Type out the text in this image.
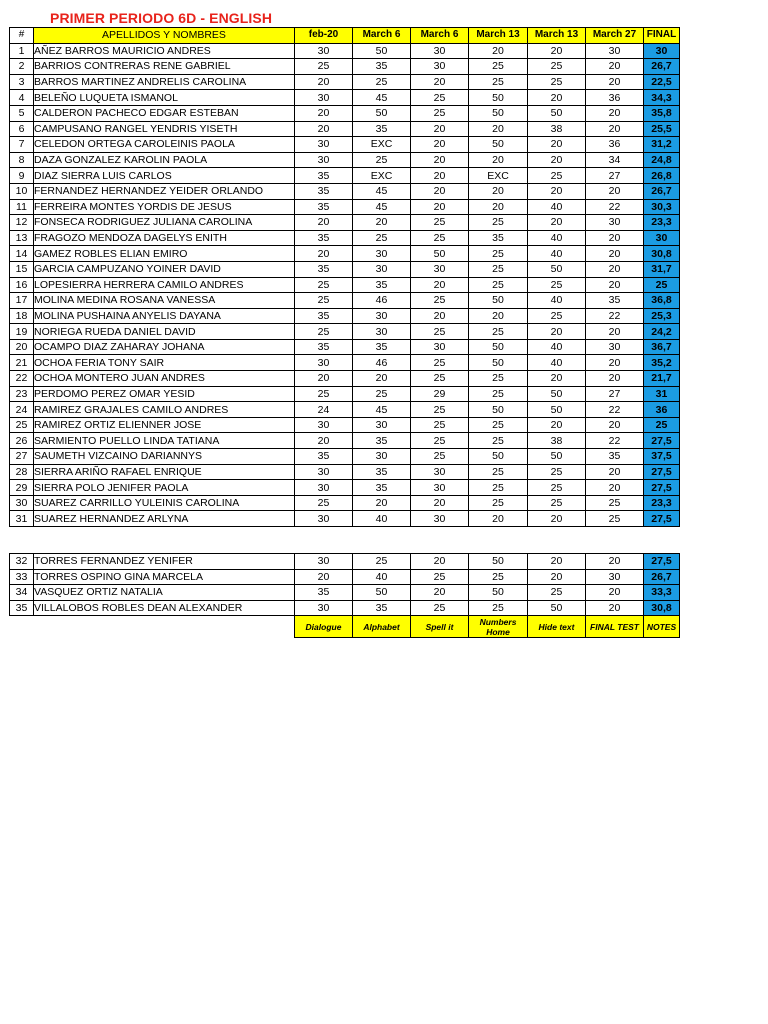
PRIMER PERIODO 6D - ENGLISH
#	APELLIDOS Y NOMBRES	feb-20	March 6	March 6	March 13	March 13	March 27	FINAL
1	AÑEZ BARROS MAURICIO ANDRES	30	50	30	20	20	30	30
2	BARRIOS CONTRERAS RENE GABRIEL	25	35	30	25	25	20	26,7
3	BARROS MARTINEZ ANDRELIS CAROLINA	20	25	20	25	25	20	22,5
4	BELEÑO LUQUETA ISMANOL	30	45	25	50	20	36	34,3
5	CALDERON PACHECO EDGAR ESTEBAN	20	50	25	50	50	20	35,8
6	CAMPUSANO RANGEL YENDRIS YISETH	20	35	20	20	38	20	25,5
7	CELEDON ORTEGA CAROLEINIS PAOLA	30	EXC	20	50	20	36	31,2
8	DAZA GONZALEZ KAROLIN PAOLA	30	25	20	20	20	34	24,8
9	DIAZ SIERRA LUIS CARLOS	35	EXC	20	EXC	25	27	26,8
10	FERNANDEZ HERNANDEZ YEIDER ORLANDO	35	45	20	20	20	20	26,7
11	FERREIRA MONTES YORDIS DE JESUS	35	45	20	20	40	22	30,3
12	FONSECA RODRIGUEZ JULIANA CAROLINA	20	20	25	25	20	30	23,3
13	FRAGOZO MENDOZA DAGELYS ENITH	35	25	25	35	40	20	30
14	GAMEZ ROBLES ELIAN EMIRO	20	30	50	25	40	20	30,8
15	GARCIA CAMPUZANO YOINER DAVID	35	30	30	25	50	20	31,7
16	LOPESIERRA HERRERA CAMILO ANDRES	25	35	20	25	25	20	25
17	MOLINA MEDINA ROSANA VANESSA	25	46	25	50	40	35	36,8
18	MOLINA PUSHAINA ANYELIS DAYANA	35	30	20	20	25	22	25,3
19	NORIEGA RUEDA DANIEL DAVID	25	30	25	25	20	20	24,2
20	OCAMPO DIAZ ZAHARAY JOHANA	35	35	30	50	40	30	36,7
21	OCHOA FERIA TONY SAIR	30	46	25	50	40	20	35,2
22	OCHOA MONTERO JUAN ANDRES	20	20	25	25	20	20	21,7
23	PERDOMO PEREZ OMAR YESID	25	25	29	25	50	27	31
24	RAMIREZ GRAJALES CAMILO ANDRES	24	45	25	50	50	22	36
25	RAMIREZ ORTIZ ELIENNER JOSE	30	30	25	25	20	20	25
26	SARMIENTO PUELLO LINDA TATIANA	20	35	25	25	38	22	27,5
27	SAUMETH VIZCAINO DARIANNYS	35	30	25	50	50	35	37,5
28	SIERRA ARIÑO RAFAEL ENRIQUE	30	35	30	25	25	20	27,5
29	SIERRA POLO JENIFER PAOLA	30	35	30	25	25	20	27,5
30	SUAREZ CARRILLO YULEINIS CAROLINA	25	20	20	25	25	25	23,3
31	SUAREZ HERNANDEZ ARLYNA	30	40	30	20	20	25	27,5
32	TORRES FERNANDEZ YENIFER	30	25	20	50	20	20	27,5
33	TORRES OSPINO GINA MARCELA	20	40	25	25	20	30	26,7
34	VASQUEZ ORTIZ NATALIA	35	50	20	50	25	20	33,3
35	VILLALOBOS ROBLES DEAN ALEXANDER	30	35	25	25	50	20	30,8
		Dialogue	Alphabet	Spell it	Numbers Home	Hide text	FINAL TEST	NOTES
